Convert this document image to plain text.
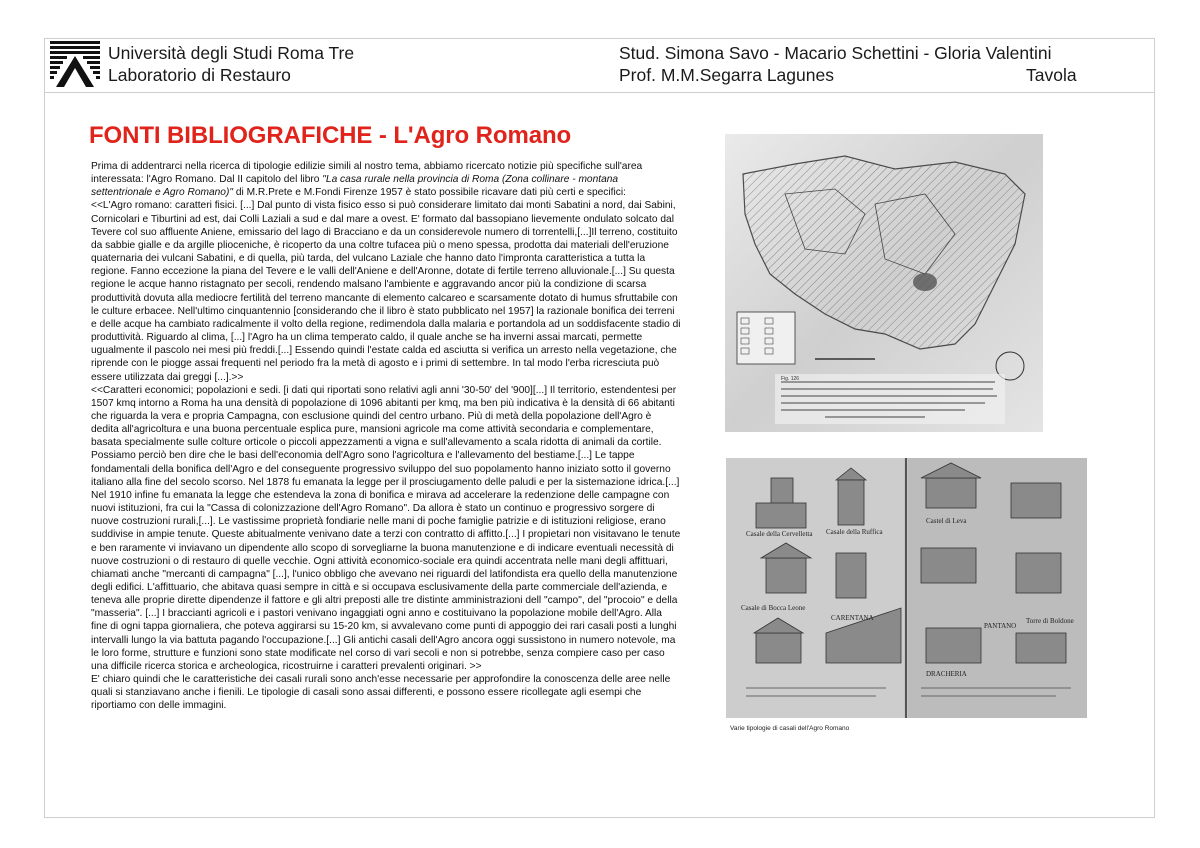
Università degli Studi Roma Tre
Laboratorio di Restauro
Stud. Simona Savo - Macario Schettini - Gloria Valentini
Prof. M.M.Segarra Lagunes	Tavola
FONTI BIBLIOGRAFICHE - L'Agro Romano

Prima di addentrarci nella ricerca di tipologie edilizie simili al nostro tema, abbiamo ricercato notizie più specifiche sull'area interessata: l'Agro Romano. Dal II capitolo del libro "La casa rurale nella provincia di Roma (Zona collinare - montana settentrionale e Agro Romano)" di M.R.Prete e M.Fondi Firenze 1957 è stato possibile ricavare dati più certi e specifici:

<<L'Agro romano: caratteri fisici. [...] Dal punto di vista fisico esso si può considerare limitato dai monti Sabatini a nord, dai Sabini, Cornicolari e Tiburtini ad est, dai Colli Laziali a sud e dal mare a ovest. E' formato dal bassopiano lievemente ondulato solcato dal Tevere col suo affluente Aniene, emissario del lago di Bracciano e da un considerevole numero di torrentelli,[...]Il terreno, costituito da sabbie gialle e da argille plioceniche, è ricoperto da una coltre tufacea più o meno spessa, prodotta dai materiali dell'eruzione quaternaria dei vulcani Sabatini, e di quella, più tarda, del vulcano Laziale che hanno dato l'impronta caratteristica a tutta la regione. Fanno eccezione la piana del Tevere e le valli dell'Aniene e dell'Aronne, dotate di fertile terreno alluvionale.[...] Su questa regione le acque hanno ristagnato per secoli, rendendo malsano l'ambiente e aggravando ancor più la condizione di scarsa produttività dovuta alla mediocre fertilità del terreno mancante di elemento calcareo e scarsamente dotato di humus sfruttabile con le culture erbacee. Nell'ultimo cinquantennio [considerando che il libro è stato pubblicato nel 1957] la razionale bonifica dei terreni e delle acque ha cambiato radicalmente il volto della regione, redimendola dalla malaria e portandola ad un soddisfacente stadio di produttività. Riguardo al clima, [...] l'Agro ha un clima temperato caldo, il quale anche se ha inverni assai marcati, permette ugualmente il pascolo nei mesi più freddi.[...] Essendo quindi l'estate calda ed asciutta si verifica un arresto nella vegetazione, che riprende con le piogge assai frequenti nel periodo fra la metà di agosto e i primi di settembre. In tal modo l'erba ricresciuta può essere utilizzata dai greggi [...].>>

<<Caratteri economici; popolazioni e sedi. [i dati qui riportati sono relativi agli anni '30-50' del '900][...] Il territorio, estendentesi per 1507 kmq intorno a Roma ha una densità di popolazione di 1096 abitanti per kmq, ma ben più indicativa è la densità di 66 abitanti che riguarda la vera e propria Campagna, con esclusione quindi del centro urbano. Più di metà della popolazione dell'Agro è dedita all'agricoltura e una buona percentuale esplica pure, mansioni agricole ma come attività secondaria e complementare, basata specialmente sulle colture orticole o piccoli appezzamenti a vigna e sull'allevamento a scala ridotta di animali da cortile. Possiamo perciò ben dire che le basi dell'economia dell'Agro sono l'agricoltura e l'allevamento del bestiame.[...] Le tappe fondamentali della bonifica dell'Agro e del conseguente progressivo sviluppo del suo popolamento hanno iniziato sotto il governo italiano alla fine del secolo scorso. Nel 1878 fu emanata la legge per il prosciugamento delle paludi e per la sistemazione idrica.[...] Nel 1910 infine fu emanata la legge che estendeva la zona di bonifica e mirava ad accelerare la redenzione delle campagne con nuovi istituzioni, fra cui la "Cassa di colonizzazione dell'Agro Romano". Da allora è stato un continuo e progressivo sorgere di nuove costruzioni rurali,[...]. Le vastissime proprietà fondiarie nelle mani di poche famiglie patrizie e di istituzioni religiose, erano suddivise in ampie tenute. Queste abitualmente venivano date a terzi con contratto di affitto.[...] I propietari non visitavano le tenute e ben raramente vi inviavano un dipendente allo scopo di sorvegliarne la buona manutenzione e di indicare eventuali necessità di nuove costruzioni o di restauro di quelle vecchie. Ogni attività economico-sociale era quindi accentrata nelle mani degli affittuari, chiamati anche "mercanti di campagna" [...], l'unico obbligo che avevano nei riguardi del latifondista era quello della manutenzione degli edifici. L'affittuario, che abitava quasi sempre in città e si occupava esclusivamente della parte commerciale dell'azienda, e teneva alle proprie dirette dipendenze il fattore e gli altri preposti alle tre distinte amministrazioni dell "campo", del "procoio" e della "masseria". [...] I braccianti agricoli e i pastori venivano ingaggiati ogni anno e costituivano la popolazione mobile dell'Agro. Alla fine di ogni tappa giornaliera, che poteva aggirarsi su 15-20 km, si avvalevano come punti di appoggio dei rari casali posti a lunghi intervalli lungo la via battuta pagando l'occupazione.[...] Gli antichi casali dell'Agro ancora oggi sussistono in numero notevole, ma le loro forme, strutture e funzioni sono state modificate nel corso di vari secoli e non si potrebbe, senza compiere caso per caso una difficile ricerca storica e archeologica, ricostruirne i caratteri prevalenti originari. >>

E' chiaro quindi che le caratteristiche dei casali rurali sono anch'esse necessarie per approfondire la conoscenza delle aree nelle quali si stanziavano anche i fienili. Le tipologie di casali sono assai differenti, e possono essere ricollegate agli esempi che riportiamo con delle immagini.

Fig. 126
Casale della Cervelletta Casale della Ruffica
Casale di Bocca Leone
CARENTANA
Castel di Leva
Torre di Boldone
PANTANO
DRACHERIA
Varie tipologie di casali dell'Agro Romano
